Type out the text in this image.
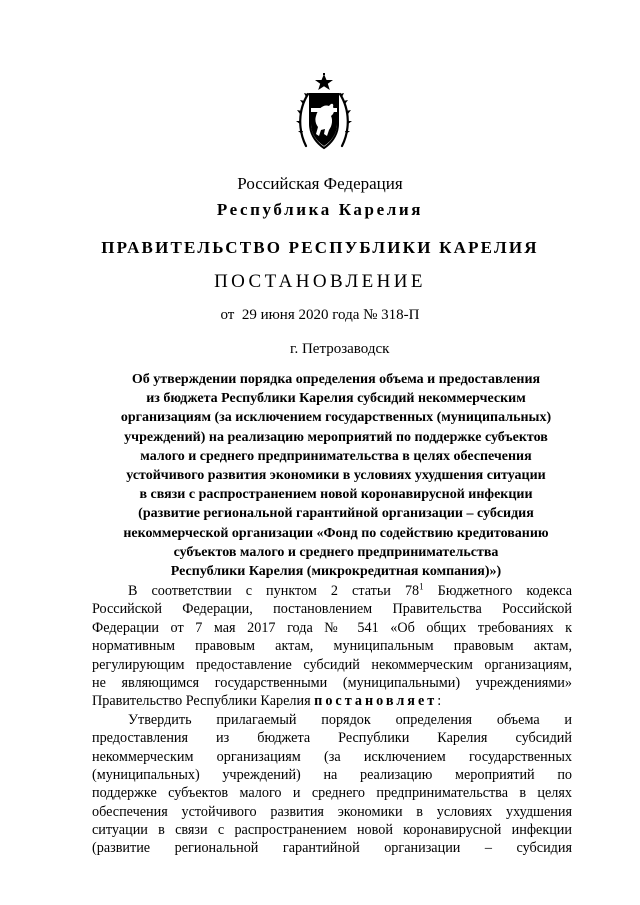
Российская Федерация
Республика Карелия
ПРАВИТЕЛЬСТВО РЕСПУБЛИКИ КАРЕЛИЯ
ПОСТАНОВЛЕНИЕ
от  29 июня 2020 года № 318-П
г. Петрозаводск
Об утверждении порядка определения объема и предоставления
из бюджета Республики Карелия субсидий некоммерческим
организациям (за исключением государственных (муниципальных)
учреждений) на реализацию мероприятий по поддержке субъектов
малого и среднего предпринимательства в целях обеспечения
устойчивого развития экономики в условиях ухудшения ситуации
в связи с распространением новой коронавирусной инфекции
(развитие региональной гарантийной организации – субсидия
некоммерческой организации «Фонд по содействию кредитованию
субъектов малого и среднего предпринимательства
Республики Карелия (микрокредитная компания)»)
В соответствии с пунктом 2 статьи $78^1$ Бюджетного кодекса
Российской Федерации, постановлением Правительства Российской
Федерации от 7 мая 2017 года № 541 «Об общих требованиях к
нормативным правовым актам, муниципальным правовым актам,
регулирующим предоставление субсидий некоммерческим организациям,
не являющимся государственными (муниципальными) учреждениями»
Правительство Республики Карелия постановляет:
Утвердить прилагаемый порядок определения объема и
предоставления из бюджета Республики Карелия субсидий
некоммерческим организациям (за исключением государственных
(муниципальных) учреждений) на реализацию мероприятий по
поддержке субъектов малого и среднего предпринимательства в целях
обеспечения устойчивого развития экономики в условиях ухудшения
ситуации в связи с распространением новой коронавирусной инфекции
(развитие региональной гарантийной организации – субсидия
